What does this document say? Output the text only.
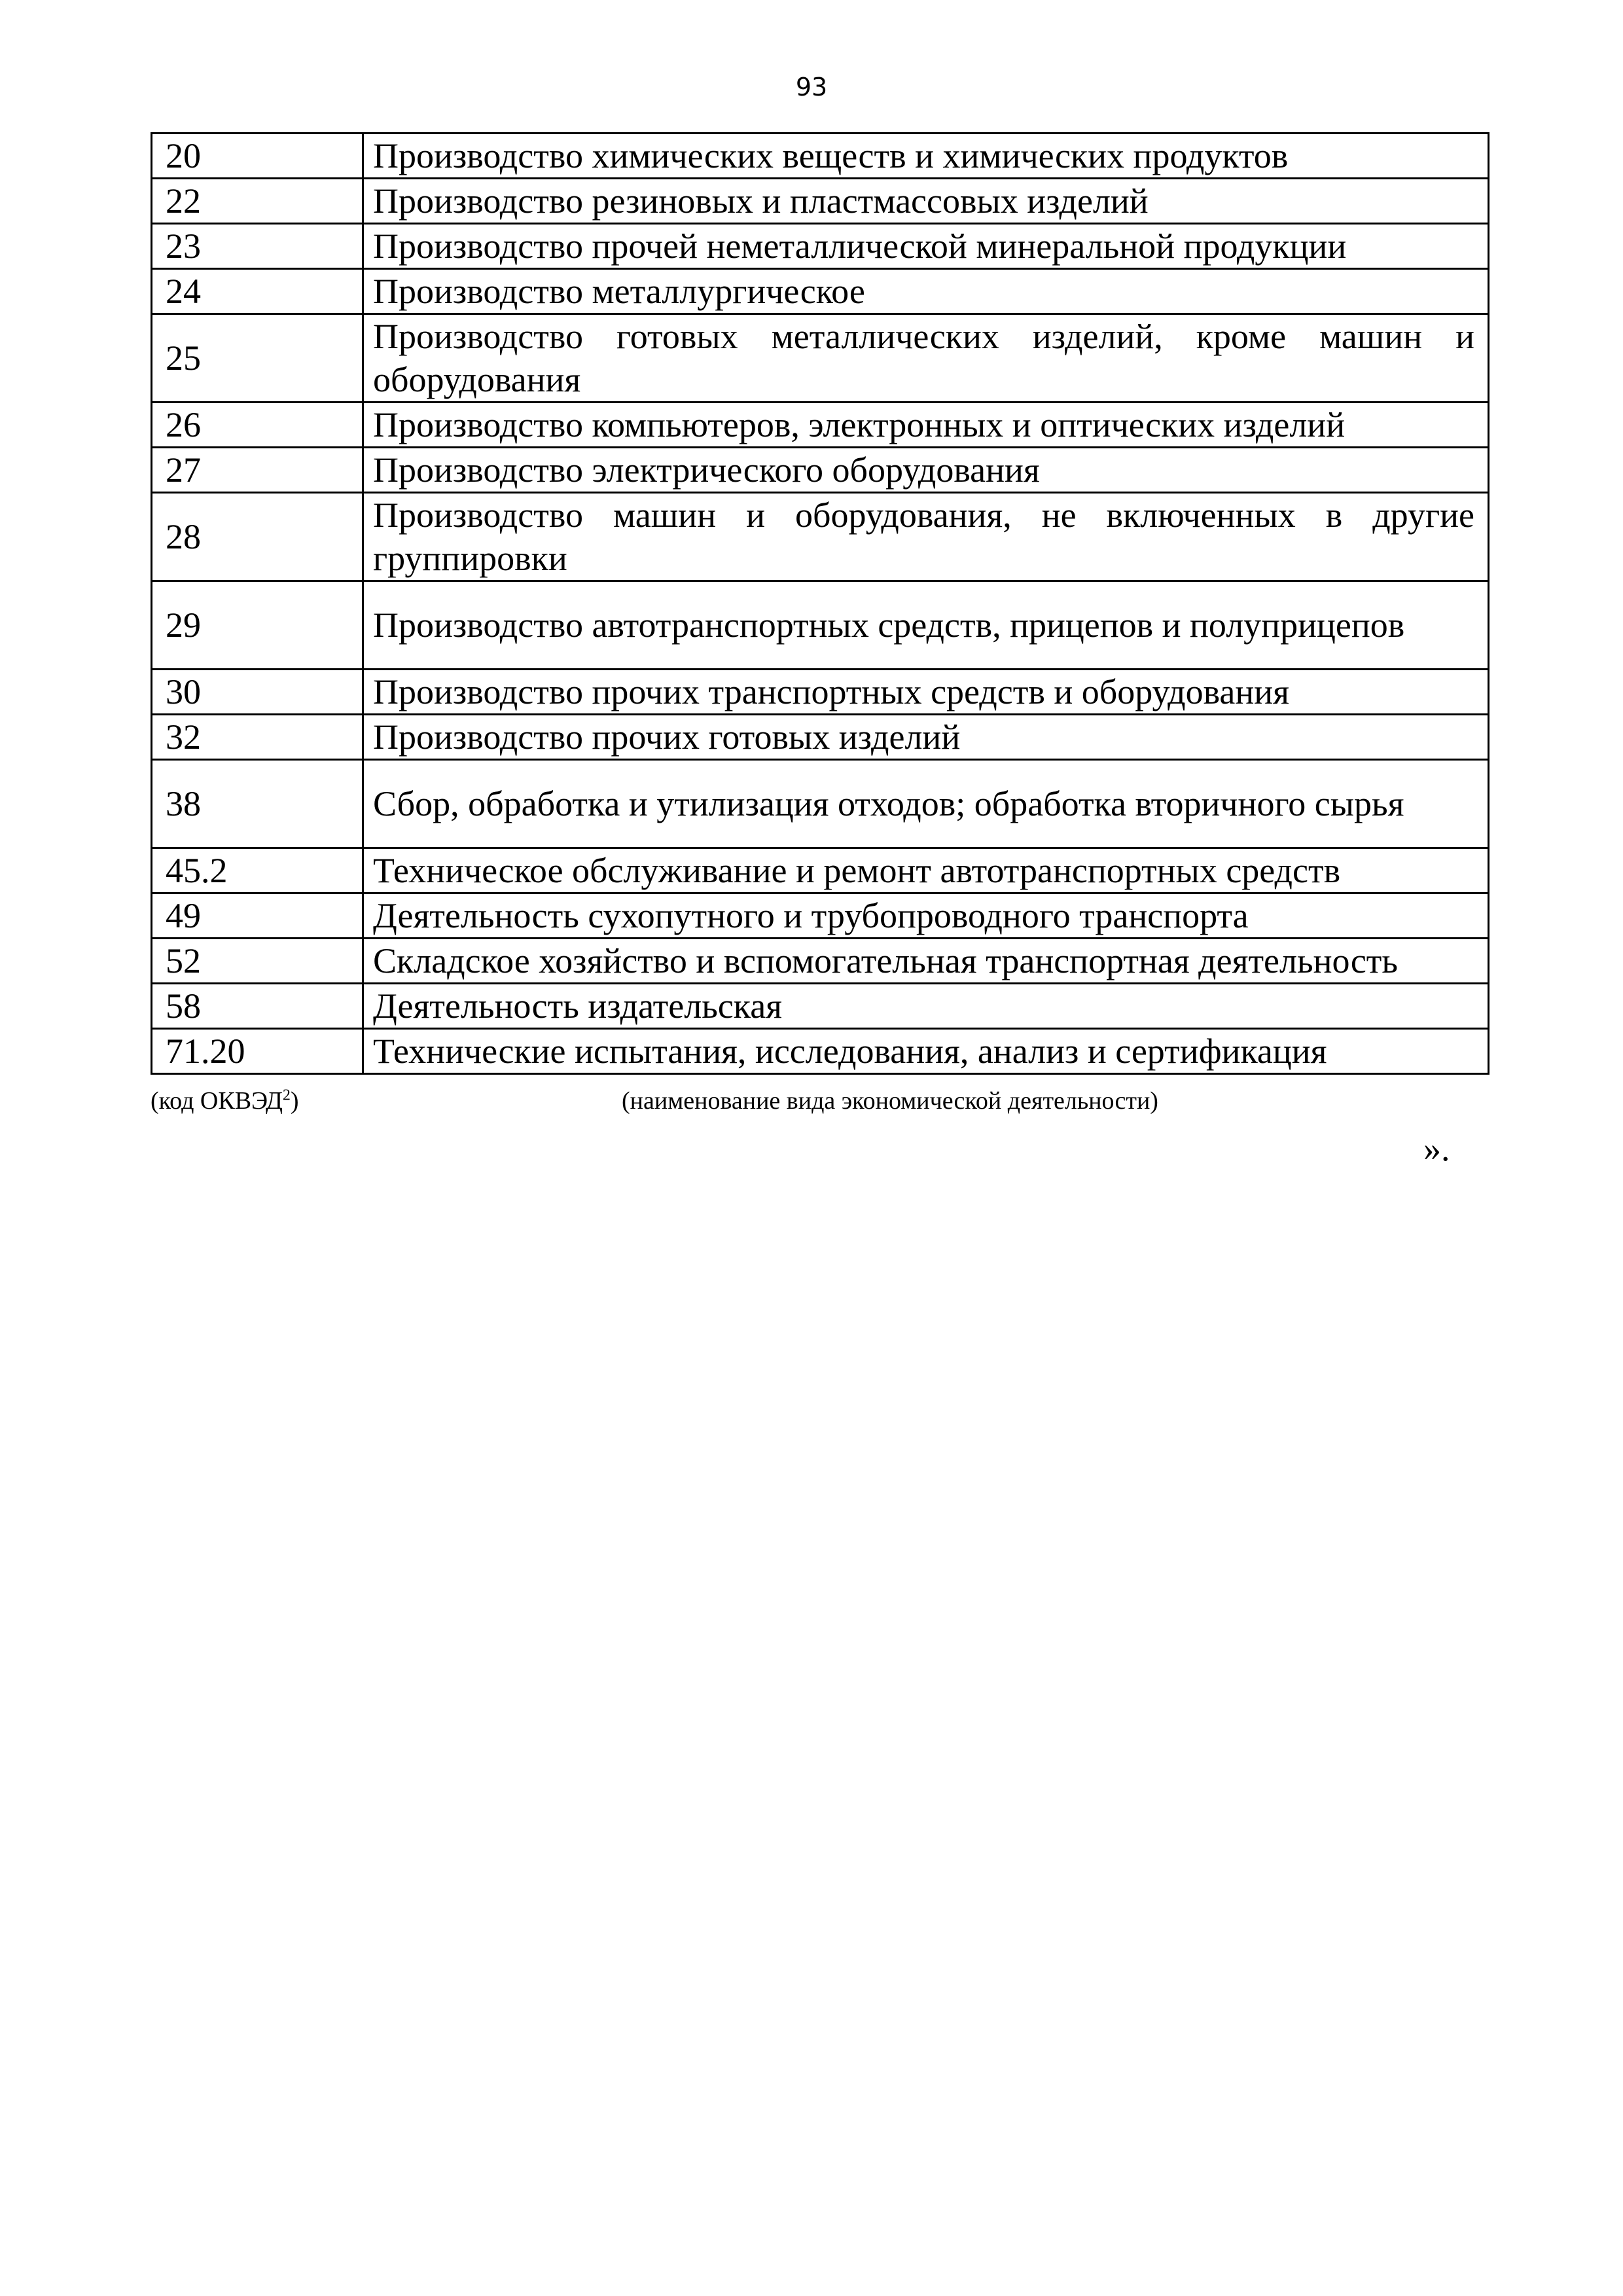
93
20	Производство химических веществ и химических продуктов
22	Производство резиновых и пластмассовых изделий
23	Производство прочей неметаллической минеральной продукции
24	Производство металлургическое
25	Производство готовых металлических изделий, кроме машин и оборудования
26	Производство компьютеров, электронных и оптических изделий
27	Производство электрического оборудования
28	Производство машин и оборудования, не включенных в другие группировки
29	Производство автотранспортных средств, прицепов и полуприцепов
30	Производство прочих транспортных средств и оборудования
32	Производство прочих готовых изделий
38	Сбор, обработка и утилизация отходов; обработка вторичного сырья
45.2	Техническое обслуживание и ремонт автотранспортных средств
49	Деятельность сухопутного и трубопроводного транспорта
52	Складское хозяйство и вспомогательная транспортная деятельность
58	Деятельность издательская
71.20	Технические испытания, исследования, анализ и сертификация
(код ОКВЭД$^2$)	(наименование вида экономической деятельности)
».
